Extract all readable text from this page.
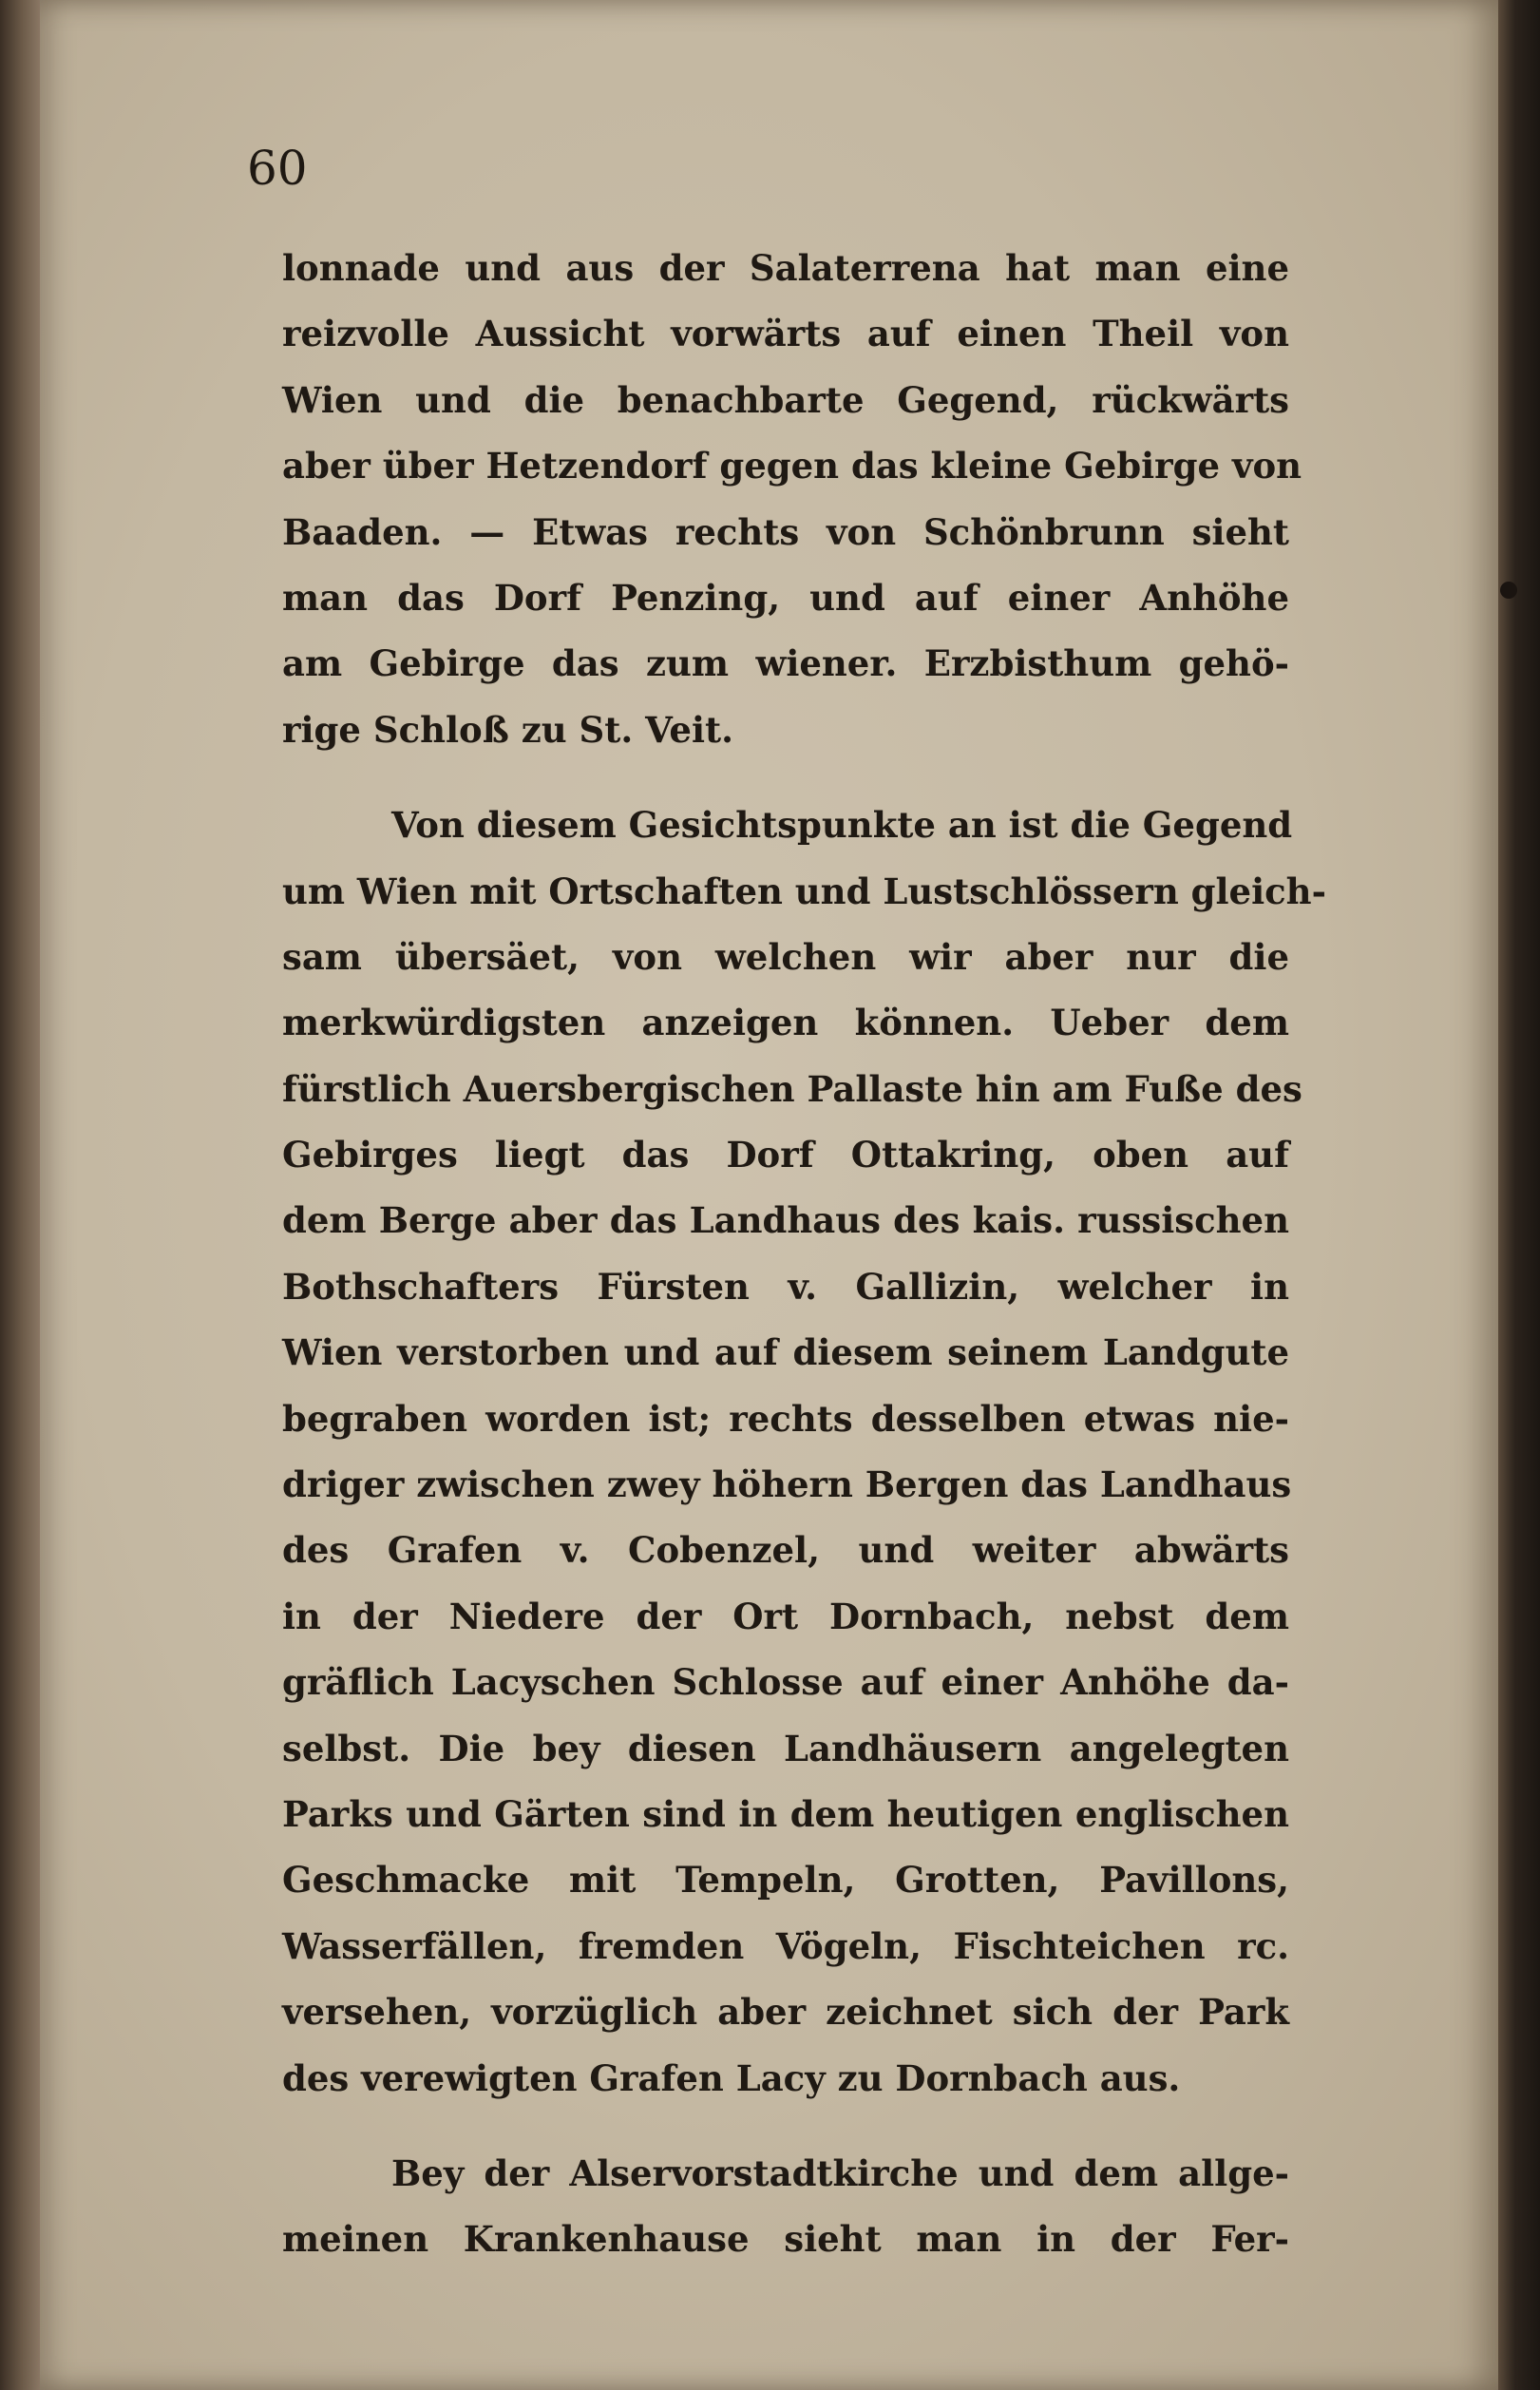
60

lonnade und aus der Salaterrena hat man eine
reizvolle Aussicht vorwärts auf einen Theil von
Wien und die benachbarte Gegend, rückwärts
aber über Hetzendorf gegen das kleine Gebirge von
Baaden. — Etwas rechts von Schönbrunn sieht
man das Dorf Penzing, und auf einer Anhöhe
am Gebirge das zum wiener. Erzbisthum gehö-
rige Schloß zu St. Veit.
Von diesem Gesichtspunkte an ist die Gegend
um Wien mit Ortschaften und Lustschlössern gleich-
sam übersäet, von welchen wir aber nur die
merkwürdigsten anzeigen können. Ueber dem
fürstlich Auersbergischen Pallaste hin am Fuße des
Gebirges liegt das Dorf Ottakring, oben auf
dem Berge aber das Landhaus des kais. russischen
Bothschafters Fürsten v. Gallizin, welcher in
Wien verstorben und auf diesem seinem Landgute
begraben worden ist; rechts desselben etwas nie-
driger zwischen zwey höhern Bergen das Landhaus
des Grafen v. Cobenzel, und weiter abwärts
in der Niedere der Ort Dornbach, nebst dem
gräflich Lacyschen Schlosse auf einer Anhöhe da-
selbst. Die bey diesen Landhäusern angelegten
Parks und Gärten sind in dem heutigen englischen
Geschmacke mit Tempeln, Grotten, Pavillons,
Wasserfällen, fremden Vögeln, Fischteichen rc.
versehen, vorzüglich aber zeichnet sich der Park
des verewigten Grafen Lacy zu Dornbach aus.
Bey der Alservorstadtkirche und dem allge-
meinen Krankenhause sieht man in der Fer-
